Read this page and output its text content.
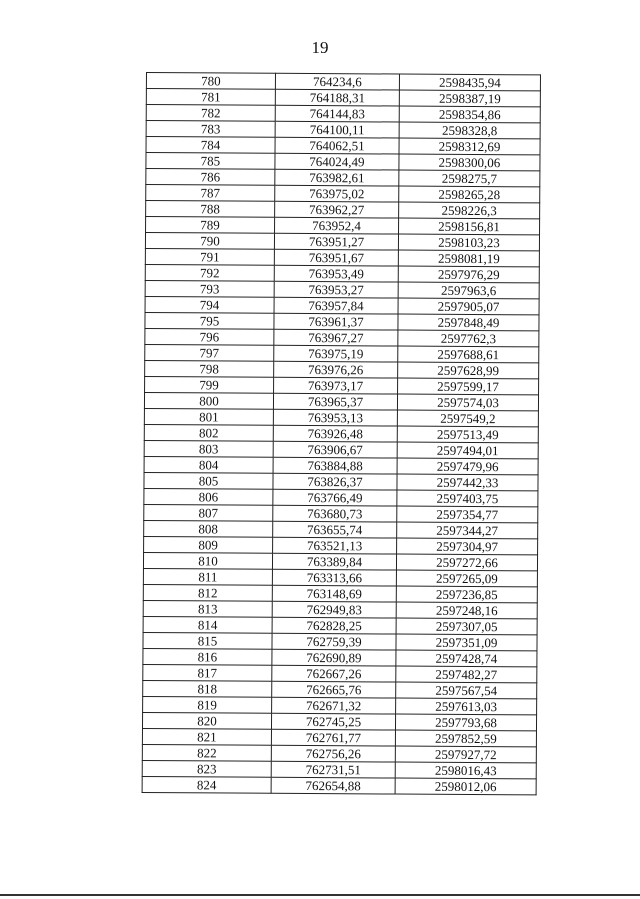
19
780	764234,6	2598435,94
781	764188,31	2598387,19
782	764144,83	2598354,86
783	764100,11	2598328,8
784	764062,51	2598312,69
785	764024,49	2598300,06
786	763982,61	2598275,7
787	763975,02	2598265,28
788	763962,27	2598226,3
789	763952,4	2598156,81
790	763951,27	2598103,23
791	763951,67	2598081,19
792	763953,49	2597976,29
793	763953,27	2597963,6
794	763957,84	2597905,07
795	763961,37	2597848,49
796	763967,27	2597762,3
797	763975,19	2597688,61
798	763976,26	2597628,99
799	763973,17	2597599,17
800	763965,37	2597574,03
801	763953,13	2597549,2
802	763926,48	2597513,49
803	763906,67	2597494,01
804	763884,88	2597479,96
805	763826,37	2597442,33
806	763766,49	2597403,75
807	763680,73	2597354,77
808	763655,74	2597344,27
809	763521,13	2597304,97
810	763389,84	2597272,66
811	763313,66	2597265,09
812	763148,69	2597236,85
813	762949,83	2597248,16
814	762828,25	2597307,05
815	762759,39	2597351,09
816	762690,89	2597428,74
817	762667,26	2597482,27
818	762665,76	2597567,54
819	762671,32	2597613,03
820	762745,25	2597793,68
821	762761,77	2597852,59
822	762756,26	2597927,72
823	762731,51	2598016,43
824	762654,88	2598012,06
